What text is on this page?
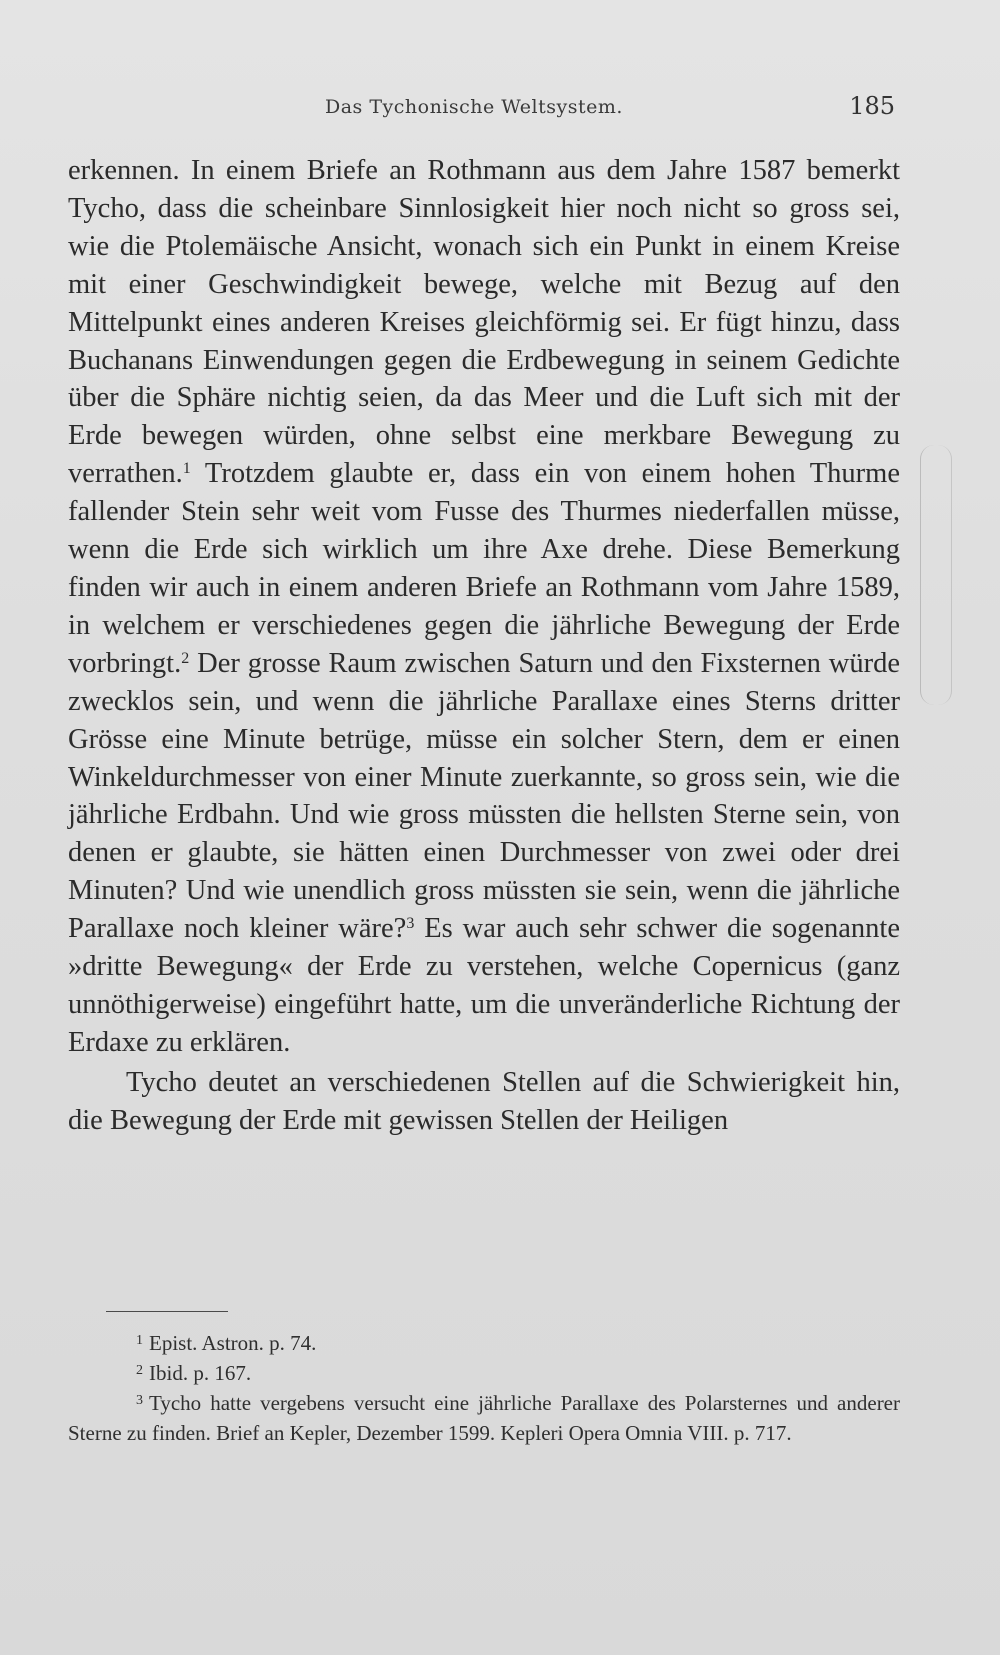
Das Tychonische Weltsystem.	185

erkennen. In einem Briefe an Rothmann aus dem Jahre 1587 bemerkt Tycho, dass die scheinbare Sinnlosigkeit hier noch nicht so gross sei, wie die Ptolemäische Ansicht, wonach sich ein Punkt in einem Kreise mit einer Geschwindigkeit bewege, welche mit Bezug auf den Mittelpunkt eines anderen Kreises gleichförmig sei. Er fügt hinzu, dass Buchanans Einwendungen gegen die Erdbewegung in seinem Gedichte über die Sphäre nichtig seien, da das Meer und die Luft sich mit der Erde bewegen würden, ohne selbst eine merkbare Bewegung zu verrathen.$^1$ Trotzdem glaubte er, dass ein von einem hohen Thurme fallender Stein sehr weit vom Fusse des Thurmes niederfallen müsse, wenn die Erde sich wirklich um ihre Axe drehe. Diese Bemerkung finden wir auch in einem anderen Briefe an Rothmann vom Jahre 1589, in welchem er verschiedenes gegen die jährliche Bewegung der Erde vorbringt.$^2$ Der grosse Raum zwischen Saturn und den Fixsternen würde zwecklos sein, und wenn die jährliche Parallaxe eines Sterns dritter Grösse eine Minute betrüge, müsse ein solcher Stern, dem er einen Winkeldurchmesser von einer Minute zuerkannte, so gross sein, wie die jährliche Erdbahn. Und wie gross müssten die hellsten Sterne sein, von denen er glaubte, sie hätten einen Durchmesser von zwei oder drei Minuten? Und wie unendlich gross müssten sie sein, wenn die jährliche Parallaxe noch kleiner wäre?$^3$ Es war auch sehr schwer die sogenannte »dritte Bewegung« der Erde zu verstehen, welche Copernicus (ganz unnöthigerweise) eingeführt hatte, um die unveränderliche Richtung der Erdaxe zu erklären.

Tycho deutet an verschiedenen Stellen auf die Schwierigkeit hin, die Bewegung der Erde mit gewissen Stellen der Heiligen

$^1$ Epist. Astron. p. 74.

$^2$ Ibid. p. 167.

$^3$ Tycho hatte vergebens versucht eine jährliche Parallaxe des Polarsternes und anderer Sterne zu finden. Brief an Kepler, Dezember 1599. Kepleri Opera Omnia VIII. p. 717.
